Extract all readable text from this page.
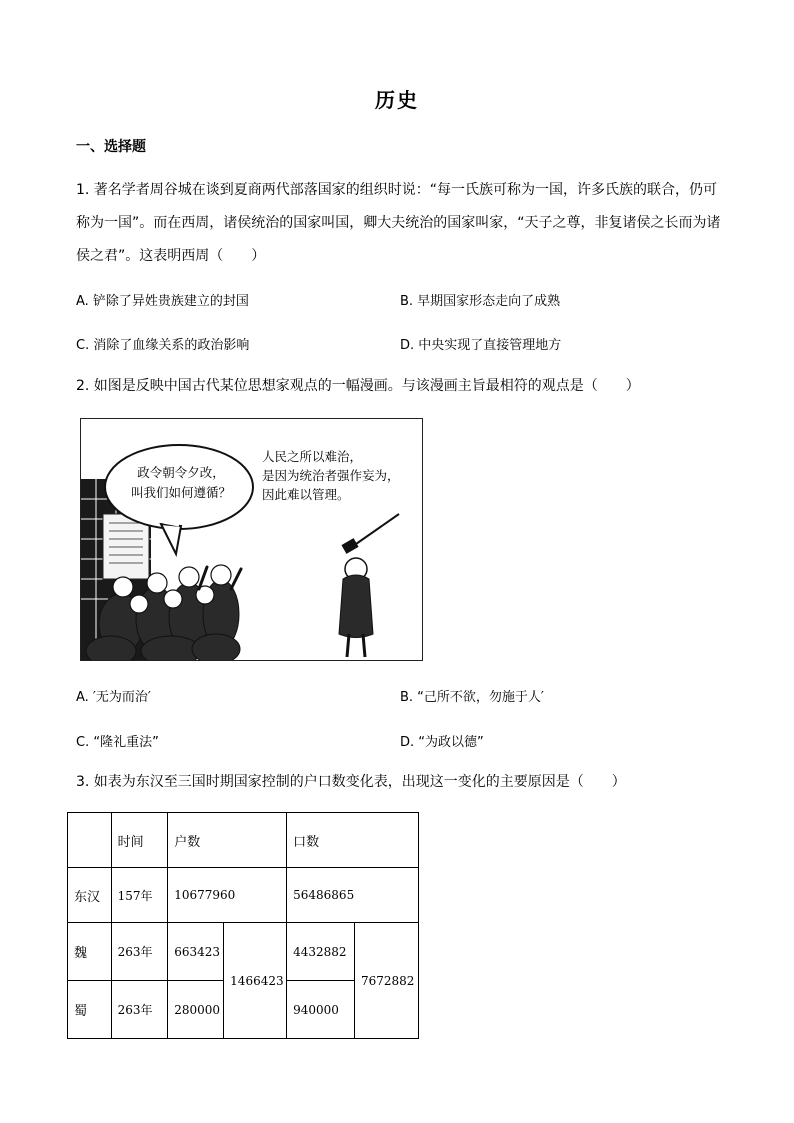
历史
一、选择题
1. 著名学者周谷城在谈到夏商两代部落国家的组织时说：“每一氏族可称为一国，许多氏族的联合，仍可
称为一国”。而在西周，诸侯统治的国家叫国，卿大夫统治的国家叫家，“天子之尊，非复诸侯之长而为诸
侯之君”。这表明西周（　　）
A. 铲除了异姓贵族建立的封国	B. 早期国家形态走向了成熟
C. 消除了血缘关系的政治影响	D. 中央实现了直接管理地方
2. 如图是反映中国古代某位思想家观点的一幅漫画。与该漫画主旨最相符的观点是（　　）
政令朝令夕改，
叫我们如何遵循？
人民之所以难治，
是因为统治者强作妄为，
因此难以管理。
A. ′无为而治′	B. “己所不欲，勿施于人′
C. “隆礼重法”	D. “为政以德”
3. 如表为东汉至三国时期国家控制的户口数变化表，出现这一变化的主要原因是（　　）
	时间	户数		口数	
东汉	157年	10677960		56486865	
魏	263年	663423	1466423	4432882	7672882
蜀	263年	280000		940000	
